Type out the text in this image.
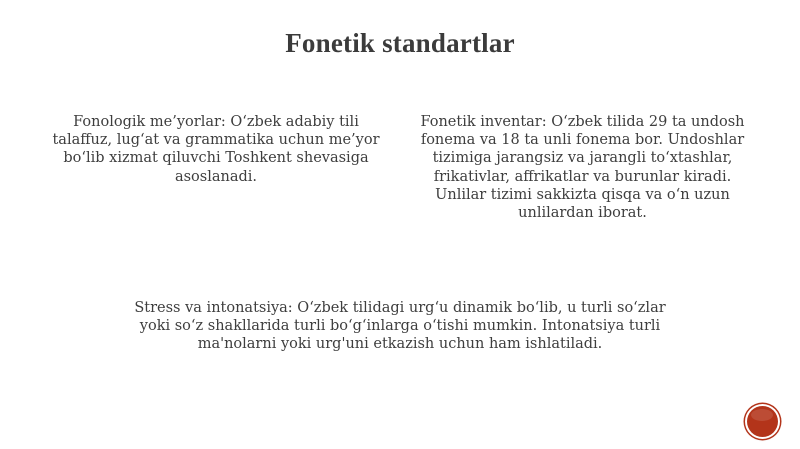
Fonetik standartlar
Fonologik me’yorlar: O‘zbek adabiy tili talaffuz, lug‘at va grammatika uchun me’yor bo‘lib xizmat qiluvchi Toshkent shevasiga asoslanadi.
Fonetik inventar: O‘zbek tilida 29 ta undosh fonema va 18 ta unli fonema bor. Undoshlar tizimiga jarangsiz va jarangli to‘xtashlar, frikativlar, affrikatlar va burunlar kiradi. Unlilar tizimi sakkizta qisqa va o‘n uzun unlilardan iborat.
Stress va intonatsiya: O‘zbek tilidagi urg‘u dinamik bo‘lib, u turli so‘zlar yoki so‘z shakllarida turli bo‘g‘inlarga o‘tishi mumkin. Intonatsiya turli ma'nolarni yoki urg'uni etkazish uchun ham ishlatiladi.
